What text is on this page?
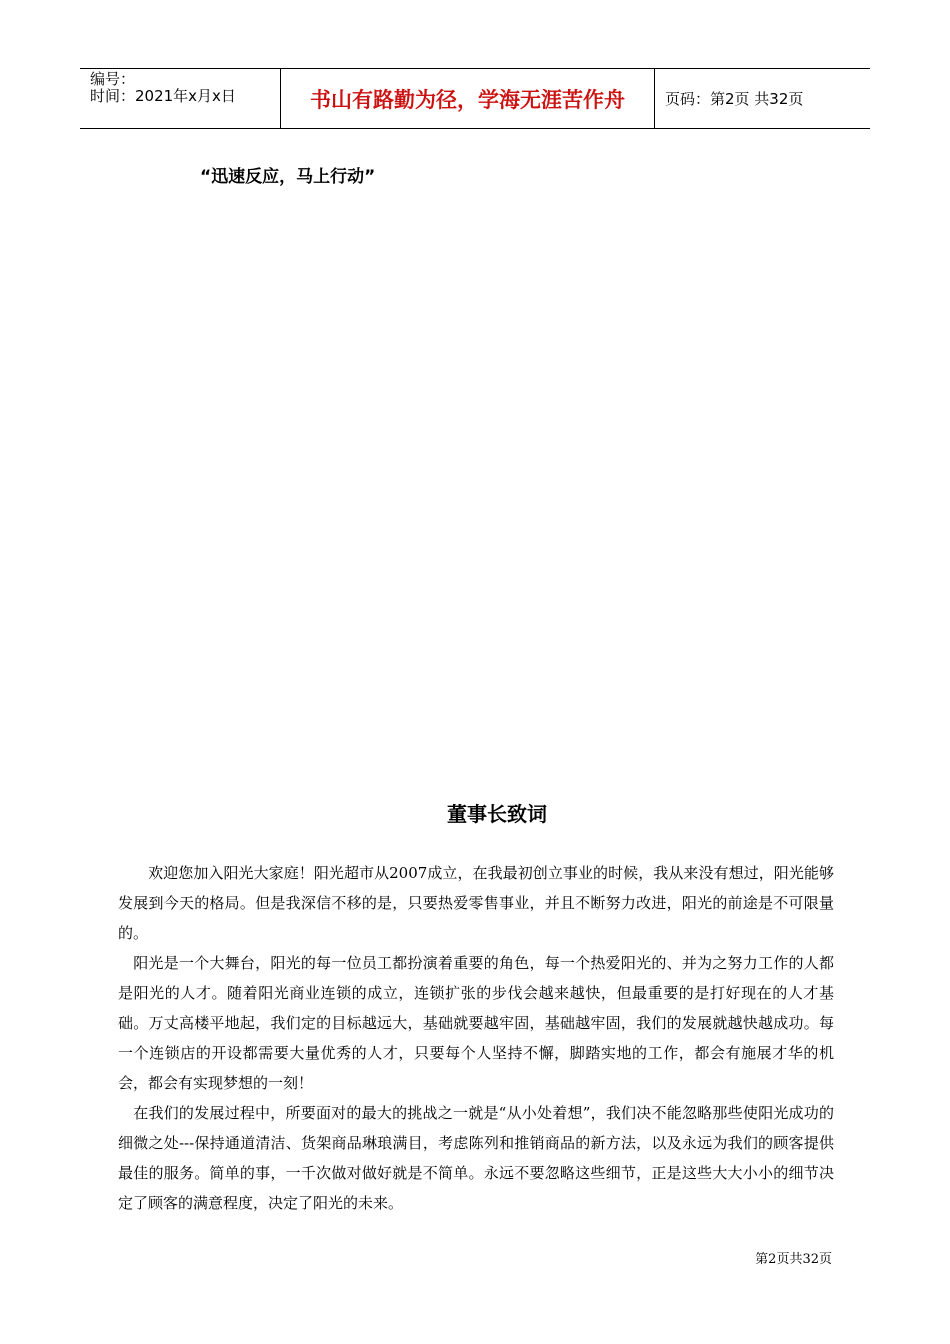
编号：
时间：2021年x月x日	书山有路勤为径，学海无涯苦作舟	页码：第2页 共32页
“迅速反应，马上行动”
董事长致词

　　欢迎您加入阳光大家庭！阳光超市从2007成立，在我最初创立事业的时候，我从来没有想过，阳光能够发展到今天的格局。但是我深信不移的是，只要热爱零售事业，并且不断努力改进，阳光的前途是不可限量的。

　阳光是一个大舞台，阳光的每一位员工都扮演着重要的角色，每一个热爱阳光的、并为之努力工作的人都是阳光的人才。随着阳光商业连锁的成立，连锁扩张的步伐会越来越快，但最重要的是打好现在的人才基础。万丈高楼平地起，我们定的目标越远大，基础就要越牢固，基础越牢固，我们的发展就越快越成功。每一个连锁店的开设都需要大量优秀的人才，只要每个人坚持不懈，脚踏实地的工作，都会有施展才华的机会，都会有实现梦想的一刻！

　在我们的发展过程中，所要面对的最大的挑战之一就是“从小处着想”，我们决不能忽略那些使阳光成功的细微之处---保持通道清洁、货架商品琳琅满目，考虑陈列和推销商品的新方法，以及永远为我们的顾客提供最佳的服务。简单的事，一千次做对做好就是不简单。永远不要忽略这些细节，正是这些大大小小的细节决定了顾客的满意程度，决定了阳光的未来。

第2页共32页
